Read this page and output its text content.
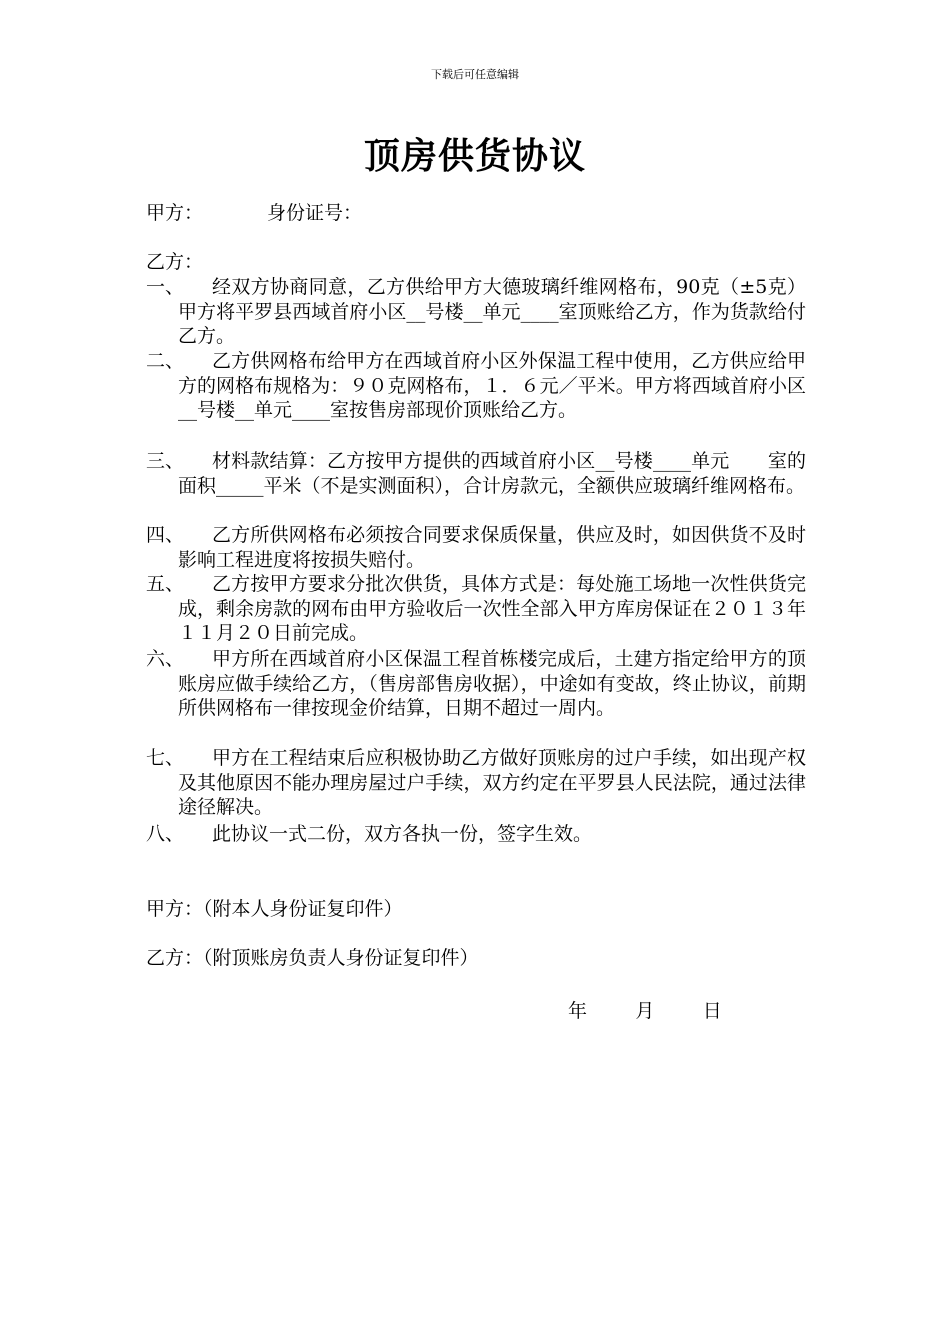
下载后可任意编辑
顶房供货协议
甲方：	身份证号：
乙方：
一、	经双方协商同意，乙方供给甲方大德玻璃纤维网格布，90克（±5克）甲方将平罗县西域首府小区__号楼__单元____室顶账给乙方，作为货款给付乙方。
二、	乙方供网格布给甲方在西域首府小区外保温工程中使用，乙方供应给甲方的网格布规格为：９０克网格布，１．６元／平米。甲方将西域首府小区__号楼__单元____室按售房部现价顶账给乙方。
三、	材料款结算：乙方按甲方提供的西域首府小区__号楼____单元　　室的面积_____平米（不是实测面积），合计房款元，全额供应玻璃纤维网格布。
四、	乙方所供网格布必须按合同要求保质保量，供应及时，如因供货不及时影响工程进度将按损失赔付。
五、	乙方按甲方要求分批次供货，具体方式是：每处施工场地一次性供货完成，剩余房款的网布由甲方验收后一次性全部入甲方库房保证在２０１３年１１月２０日前完成。
六、	甲方所在西域首府小区保温工程首栋楼完成后，土建方指定给甲方的顶账房应做手续给乙方，（售房部售房收据），中途如有变故，终止协议，前期所供网格布一律按现金价结算，日期不超过一周内。
七、	甲方在工程结束后应积极协助乙方做好顶账房的过户手续，如出现产权及其他原因不能办理房屋过户手续，双方约定在平罗县人民法院，通过法律途径解决。
八、	此协议一式二份，双方各执一份，签字生效。
甲方：（附本人身份证复印件）
乙方：（附顶账房负责人身份证复印件）
年	月	日
